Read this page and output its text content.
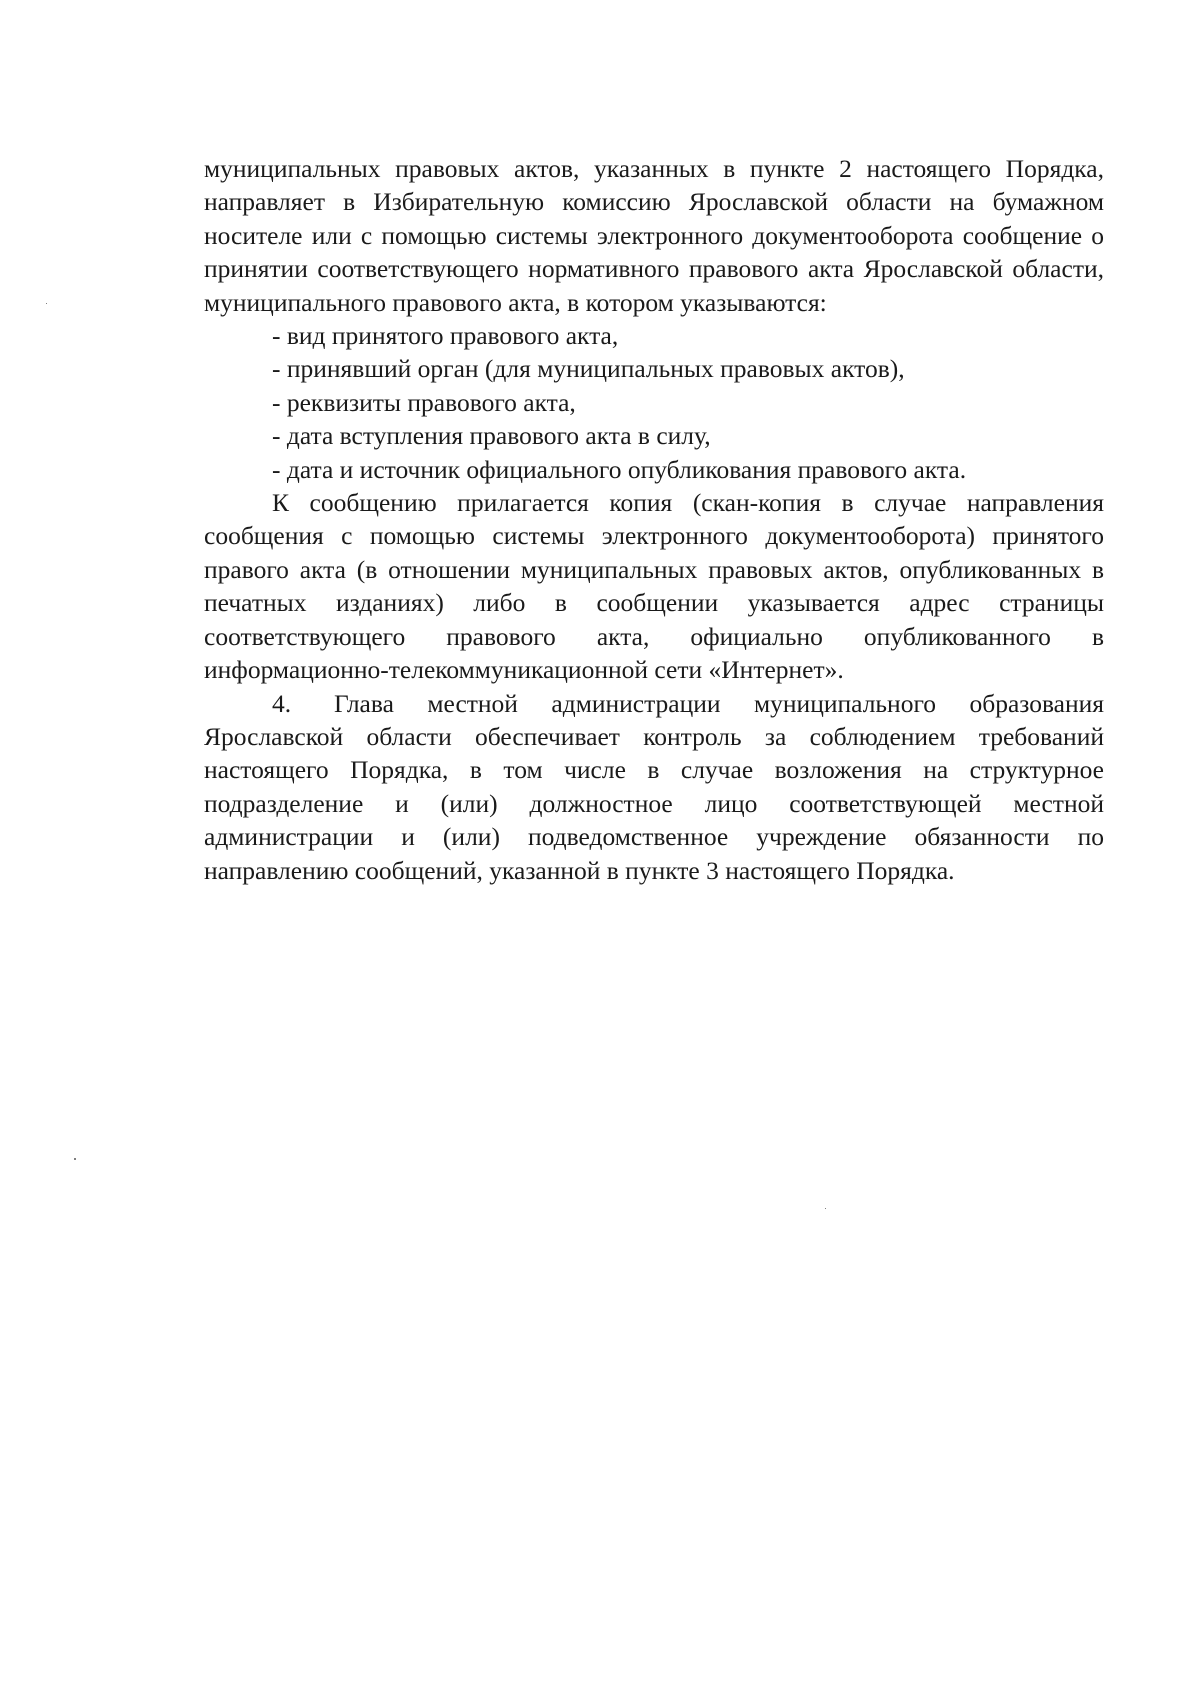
муниципальных правовых актов, указанных в пункте 2 настоящего Порядка, направляет в Избирательную комиссию Ярославской области на бумажном носителе или с помощью системы электронного документооборота сообщение о принятии соответствующего нормативного правового акта Ярославской области, муниципального правового акта, в котором указываются:

- вид принятого правового акта,

- принявший орган (для муниципальных правовых актов),

- реквизиты правового акта,

- дата вступления правового акта в силу,

- дата и источник официального опубликования правового акта.

К сообщению прилагается копия (скан-копия в случае направления сообщения с помощью системы электронного документооборота) принятого правого акта (в отношении муниципальных правовых актов, опубликованных в печатных изданиях) либо в сообщении указывается адрес страницы соответствующего правового акта, официально опубликованного в информационно-телекоммуникационной сети «Интернет».

4. Глава местной администрации муниципального образования Ярославской области обеспечивает контроль за соблюдением требований настоящего Порядка, в том числе в случае возложения на структурное подразделение и (или) должностное лицо соответствующей местной администрации и (или) подведомственное учреждение обязанности по направлению сообщений, указанной в пункте 3 настоящего Порядка.
